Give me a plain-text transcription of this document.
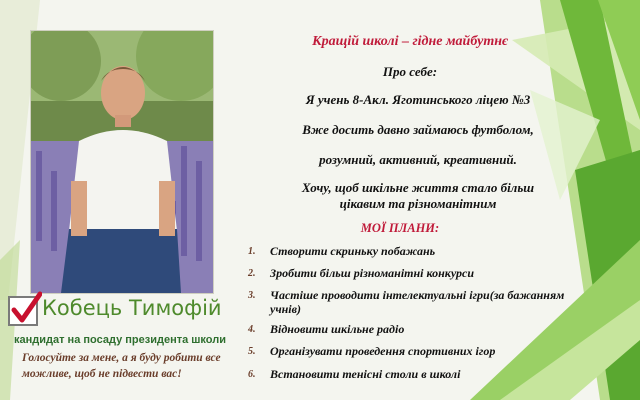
Кобець Тимофій
кандидат на посаду президента школи
Голосуйте за мене, а я буду робити все можливе, щоб не підвести вас!
Кращій школі – гідне майбутнє
Про себе:
Я учень 8-Акл. Яготинського ліцею №3
Вже досить давно займаюсь футболом,
розумний, активний, креативний.
Хочу, щоб шкільне життя стало більш цікавим та різноманітним
МОЇ ПЛАНИ:
1. Створити скриньку побажань
2. Зробити більш різноманітні конкурси
3. Частіше проводити інтелектуальні ігри(за бажанням учнів)
4. Відновити шкільне радіо
5. Організувати проведення спортивних ігор
6. Встановити тенісні столи в школі
